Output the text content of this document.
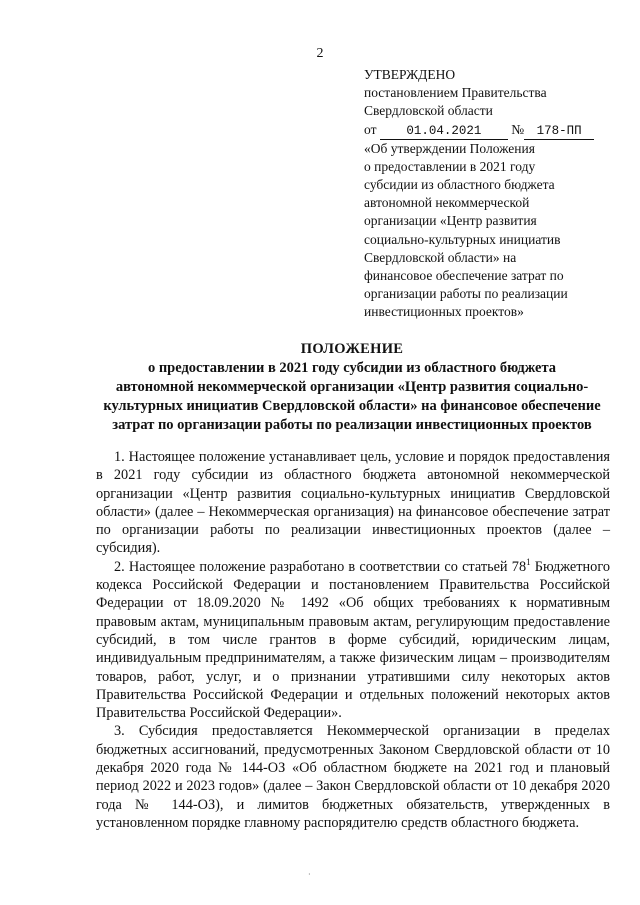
2
УТВЕРЖДЕНО
постановлением Правительства
Свердловской области
от 01.04.2021 № 178-ПП
«Об утверждении Положения
о предоставлении в 2021 году
субсидии из областного бюджета
автономной некоммерческой
организации «Центр развития
социально-культурных инициатив
Свердловской области» на
финансовое обеспечение затрат по
организации работы по реализации
инвестиционных проектов»
ПОЛОЖЕНИЕ
о предоставлении в 2021 году субсидии из областного бюджета
автономной некоммерческой организации «Центр развития социально-
культурных инициатив Свердловской области» на финансовое обеспечение
затрат по организации работы по реализации инвестиционных проектов

1. Настоящее положение устанавливает цель, условие и порядок предоставления в 2021 году субсидии из областного бюджета автономной некоммерческой организации «Центр развития социально-культурных инициатив Свердловской области» (далее – Некоммерческая организация) на финансовое обеспечение затрат по организации работы по реализации инвестиционных проектов (далее – субсидия).

2. Настоящее положение разработано в соответствии со статьей $78^1$ Бюджетного кодекса Российской Федерации и постановлением Правительства Российской Федерации от 18.09.2020 № 1492 «Об общих требованиях к нормативным правовым актам, муниципальным правовым актам, регулирующим предоставление субсидий, в том числе грантов в форме субсидий, юридическим лицам, индивидуальным предпринимателям, а также физическим лицам – производителям товаров, работ, услуг, и о признании утратившими силу некоторых актов Правительства Российской Федерации и отдельных положений некоторых актов Правительства Российской Федерации».

3. Субсидия предоставляется Некоммерческой организации в пределах бюджетных ассигнований, предусмотренных Законом Свердловской области от 10 декабря 2020 года № 144-ОЗ «Об областном бюджете на 2021 год и плановый период 2022 и 2023 годов» (далее – Закон Свердловской области от 10 декабря 2020 года № 144-ОЗ), и лимитов бюджетных обязательств, утвержденных в установленном порядке главному распорядителю средств областного бюджета.

·
